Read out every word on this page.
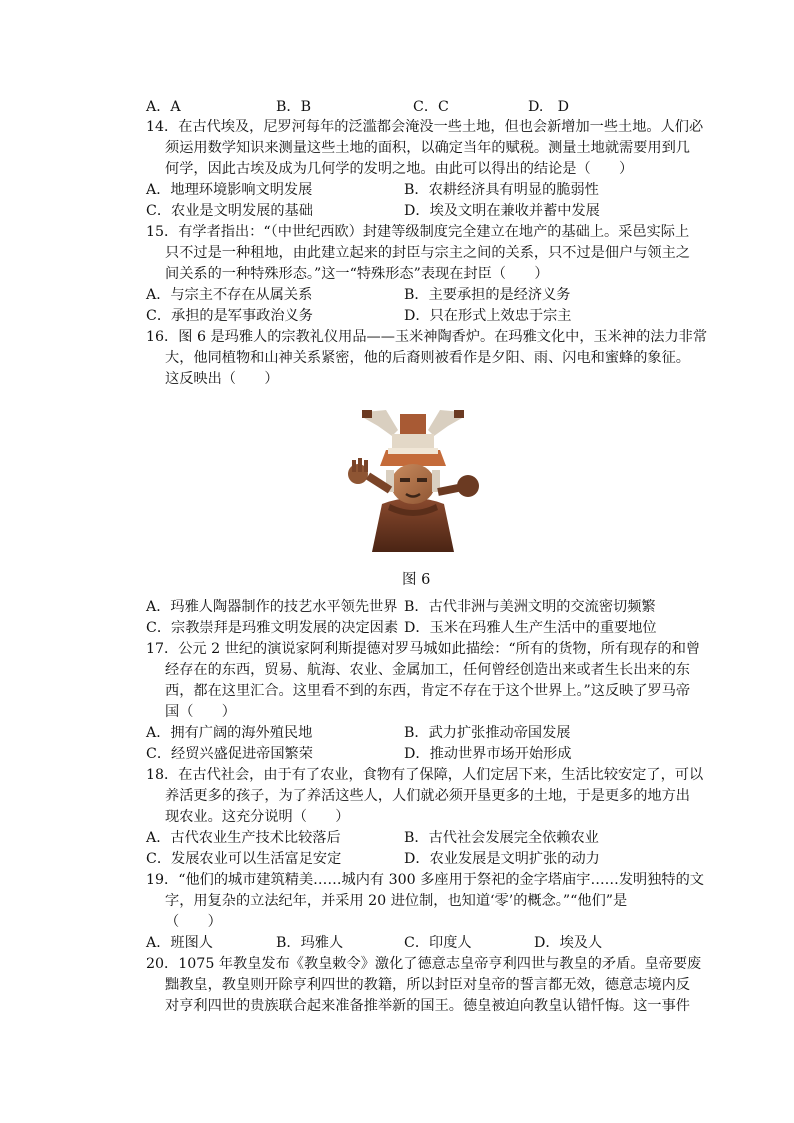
A．A	B．B	C．C	D.　D
14．在古代埃及，尼罗河每年的泛滥都会淹没一些土地，但也会新增加一些土地。人们必
须运用数学知识来测量这些土地的面积，以确定当年的赋税。测量土地就需要用到几
何学，因此古埃及成为几何学的发明之地。由此可以得出的结论是（　　）
A．地理环境影响文明发展	B．农耕经济具有明显的脆弱性
C．农业是文明发展的基础	D．埃及文明在兼收并蓄中发展
15．有学者指出：“（中世纪西欧）封建等级制度完全建立在地产的基础上。采邑实际上
只不过是一种租地，由此建立起来的封臣与宗主之间的关系，只不过是佃户与领主之
间关系的一种特殊形态。”这一“特殊形态”表现在封臣（　　）
A．与宗主不存在从属关系	B．主要承担的是经济义务
C．承担的是军事政治义务	D．只在形式上效忠于宗主
16．图 6 是玛雅人的宗教礼仪用品——玉米神陶香炉。在玛雅文化中，玉米神的法力非常
大，他同植物和山神关系紧密，他的后裔则被看作是夕阳、雨、闪电和蜜蜂的象征。
这反映出（　　）
图 6
A．玛雅人陶器制作的技艺水平领先世界 B．古代非洲与美洲文明的交流密切频繁
C．宗教崇拜是玛雅文明发展的决定因素 D．玉米在玛雅人生产生活中的重要地位
17．公元 2 世纪的演说家阿利斯提德对罗马城如此描绘：“所有的货物，所有现存的和曾
经存在的东西，贸易、航海、农业、金属加工，任何曾经创造出来或者生长出来的东
西，都在这里汇合。这里看不到的东西，肯定不存在于这个世界上。”这反映了罗马帝
国（　　）
A．拥有广阔的海外殖民地	B．武力扩张推动帝国发展
C．经贸兴盛促进帝国繁荣	D．推动世界市场开始形成
18．在古代社会，由于有了农业，食物有了保障，人们定居下来，生活比较安定了，可以
养活更多的孩子，为了养活这些人，人们就必须开垦更多的土地，于是更多的地方出
现农业。这充分说明（　　）
A．古代农业生产技术比较落后	B．古代社会发展完全依赖农业
C．发展农业可以生活富足安定	D．农业发展是文明扩张的动力
19．“他们的城市建筑精美……城内有 300 多座用于祭祀的金字塔庙宇……发明独特的文
字，用复杂的立法纪年，并采用 20 进位制，也知道‘零’的概念。”“他们”是
（　　）
A．班图人	B．玛雅人	C．印度人	D．埃及人
20．1075 年教皇发布《教皇敕令》激化了德意志皇帝亨利四世与教皇的矛盾。皇帝要废
黜教皇，教皇则开除亨利四世的教籍，所以封臣对皇帝的誓言都无效，德意志境内反
对亨利四世的贵族联合起来准备推举新的国王。德皇被迫向教皇认错忏悔。这一事件
